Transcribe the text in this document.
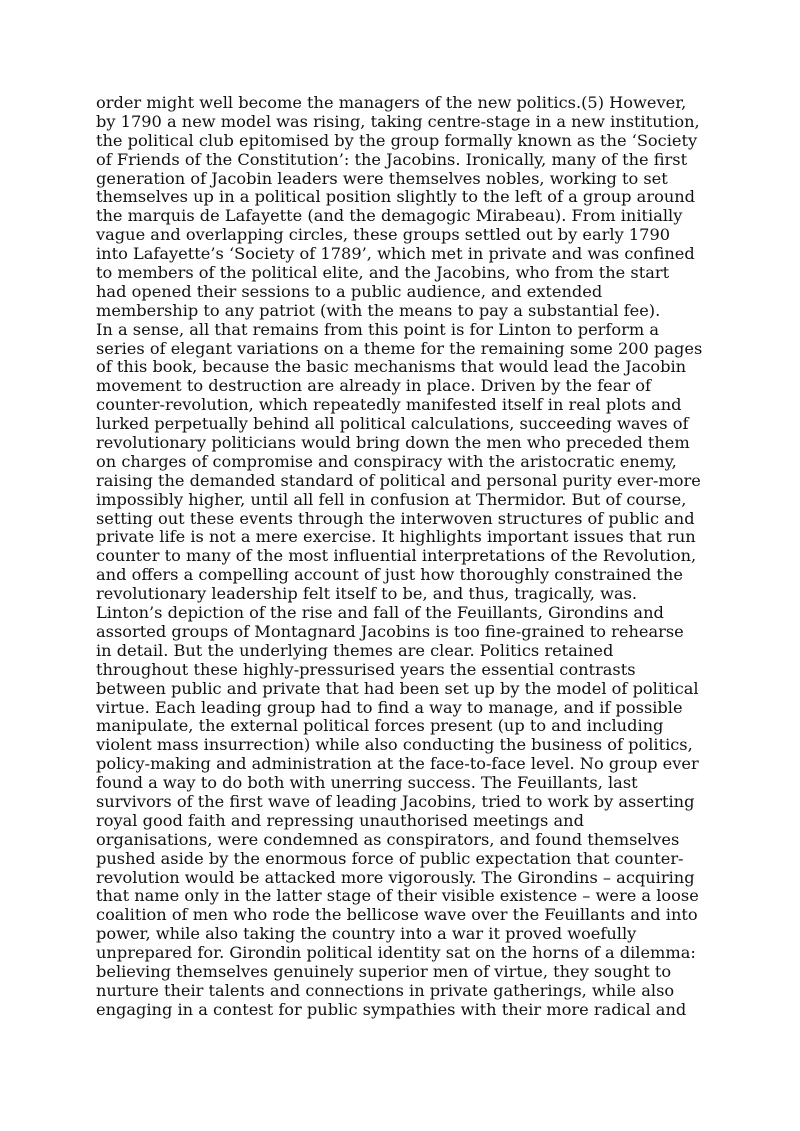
order might well become the managers of the new politics.(5) However,
by 1790 a new model was rising, taking centre-stage in a new institution,
the political club epitomised by the group formally known as the ‘Society
of Friends of the Constitution’: the Jacobins. Ironically, many of the first
generation of Jacobin leaders were themselves nobles, working to set
themselves up in a political position slightly to the left of a group around
the marquis de Lafayette (and the demagogic Mirabeau). From initially
vague and overlapping circles, these groups settled out by early 1790
into Lafayette’s ‘Society of 1789’, which met in private and was confined
to members of the political elite, and the Jacobins, who from the start
had opened their sessions to a public audience, and extended
membership to any patriot (with the means to pay a substantial fee).
In a sense, all that remains from this point is for Linton to perform a
series of elegant variations on a theme for the remaining some 200 pages
of this book, because the basic mechanisms that would lead the Jacobin
movement to destruction are already in place. Driven by the fear of
counter-revolution, which repeatedly manifested itself in real plots and
lurked perpetually behind all political calculations, succeeding waves of
revolutionary politicians would bring down the men who preceded them
on charges of compromise and conspiracy with the aristocratic enemy,
raising the demanded standard of political and personal purity ever-more
impossibly higher, until all fell in confusion at Thermidor. But of course,
setting out these events through the interwoven structures of public and
private life is not a mere exercise. It highlights important issues that run
counter to many of the most influential interpretations of the Revolution,
and offers a compelling account of just how thoroughly constrained the
revolutionary leadership felt itself to be, and thus, tragically, was.
Linton’s depiction of the rise and fall of the Feuillants, Girondins and
assorted groups of Montagnard Jacobins is too fine-grained to rehearse
in detail. But the underlying themes are clear. Politics retained
throughout these highly-pressurised years the essential contrasts
between public and private that had been set up by the model of political
virtue. Each leading group had to find a way to manage, and if possible
manipulate, the external political forces present (up to and including
violent mass insurrection) while also conducting the business of politics,
policy-making and administration at the face-to-face level. No group ever
found a way to do both with unerring success. The Feuillants, last
survivors of the first wave of leading Jacobins, tried to work by asserting
royal good faith and repressing unauthorised meetings and
organisations, were condemned as conspirators, and found themselves
pushed aside by the enormous force of public expectation that counter-
revolution would be attacked more vigorously. The Girondins – acquiring
that name only in the latter stage of their visible existence – were a loose
coalition of men who rode the bellicose wave over the Feuillants and into
power, while also taking the country into a war it proved woefully
unprepared for. Girondin political identity sat on the horns of a dilemma:
believing themselves genuinely superior men of virtue, they sought to
nurture their talents and connections in private gatherings, while also
engaging in a contest for public sympathies with their more radical and
